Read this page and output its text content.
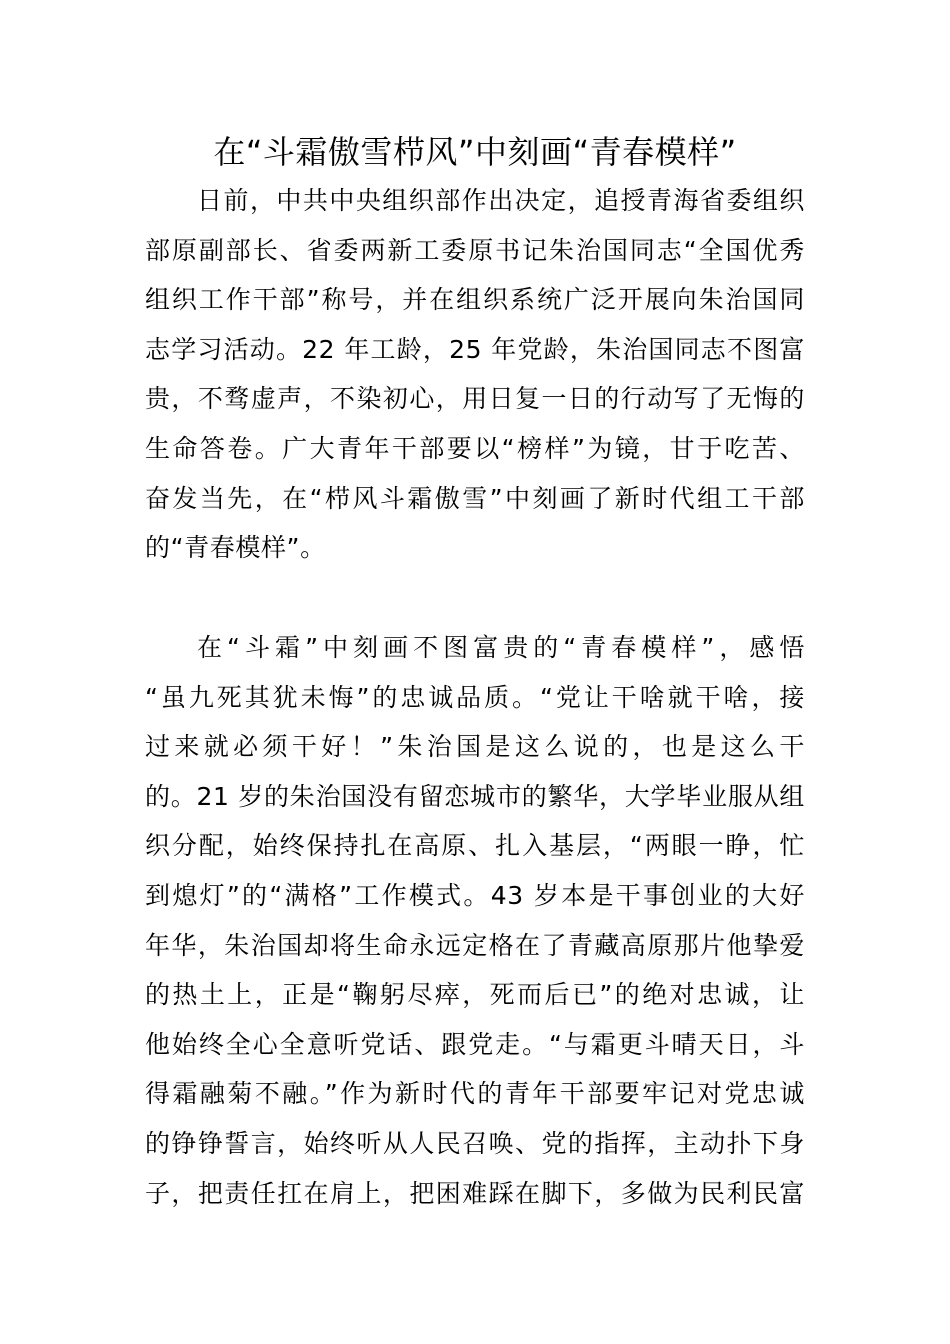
在“斗霜傲雪栉风”中刻画“青春模样”
日前，中共中央组织部作出决定，追授青海省委组织
部原副部长、省委两新工委原书记朱治国同志“全国优秀
组织工作干部”称号，并在组织系统广泛开展向朱治国同
志学习活动。22 年工龄，25 年党龄，朱治国同志不图富
贵，不骛虚声，不染初心，用日复一日的行动写了无悔的
生命答卷。广大青年干部要以“榜样”为镜，甘于吃苦、
奋发当先，在“栉风斗霜傲雪”中刻画了新时代组工干部
的“青春模样”。
在“斗霜”中刻画不图富贵的“青春模样”，感悟
“虽九死其犹未悔”的忠诚品质。“党让干啥就干啥，接
过来就必须干好！”朱治国是这么说的，也是这么干
的。21 岁的朱治国没有留恋城市的繁华，大学毕业服从组
织分配，始终保持扎在高原、扎入基层，“两眼一睁，忙
到熄灯”的“满格”工作模式。43 岁本是干事创业的大好
年华，朱治国却将生命永远定格在了青藏高原那片他挚爱
的热土上，正是“鞠躬尽瘁，死而后已”的绝对忠诚，让
他始终全心全意听党话、跟党走。“与霜更斗晴天日，斗
得霜融菊不融。”作为新时代的青年干部要牢记对党忠诚
的铮铮誓言，始终听从人民召唤、党的指挥，主动扑下身
子，把责任扛在肩上，把困难踩在脚下，多做为民利民富
